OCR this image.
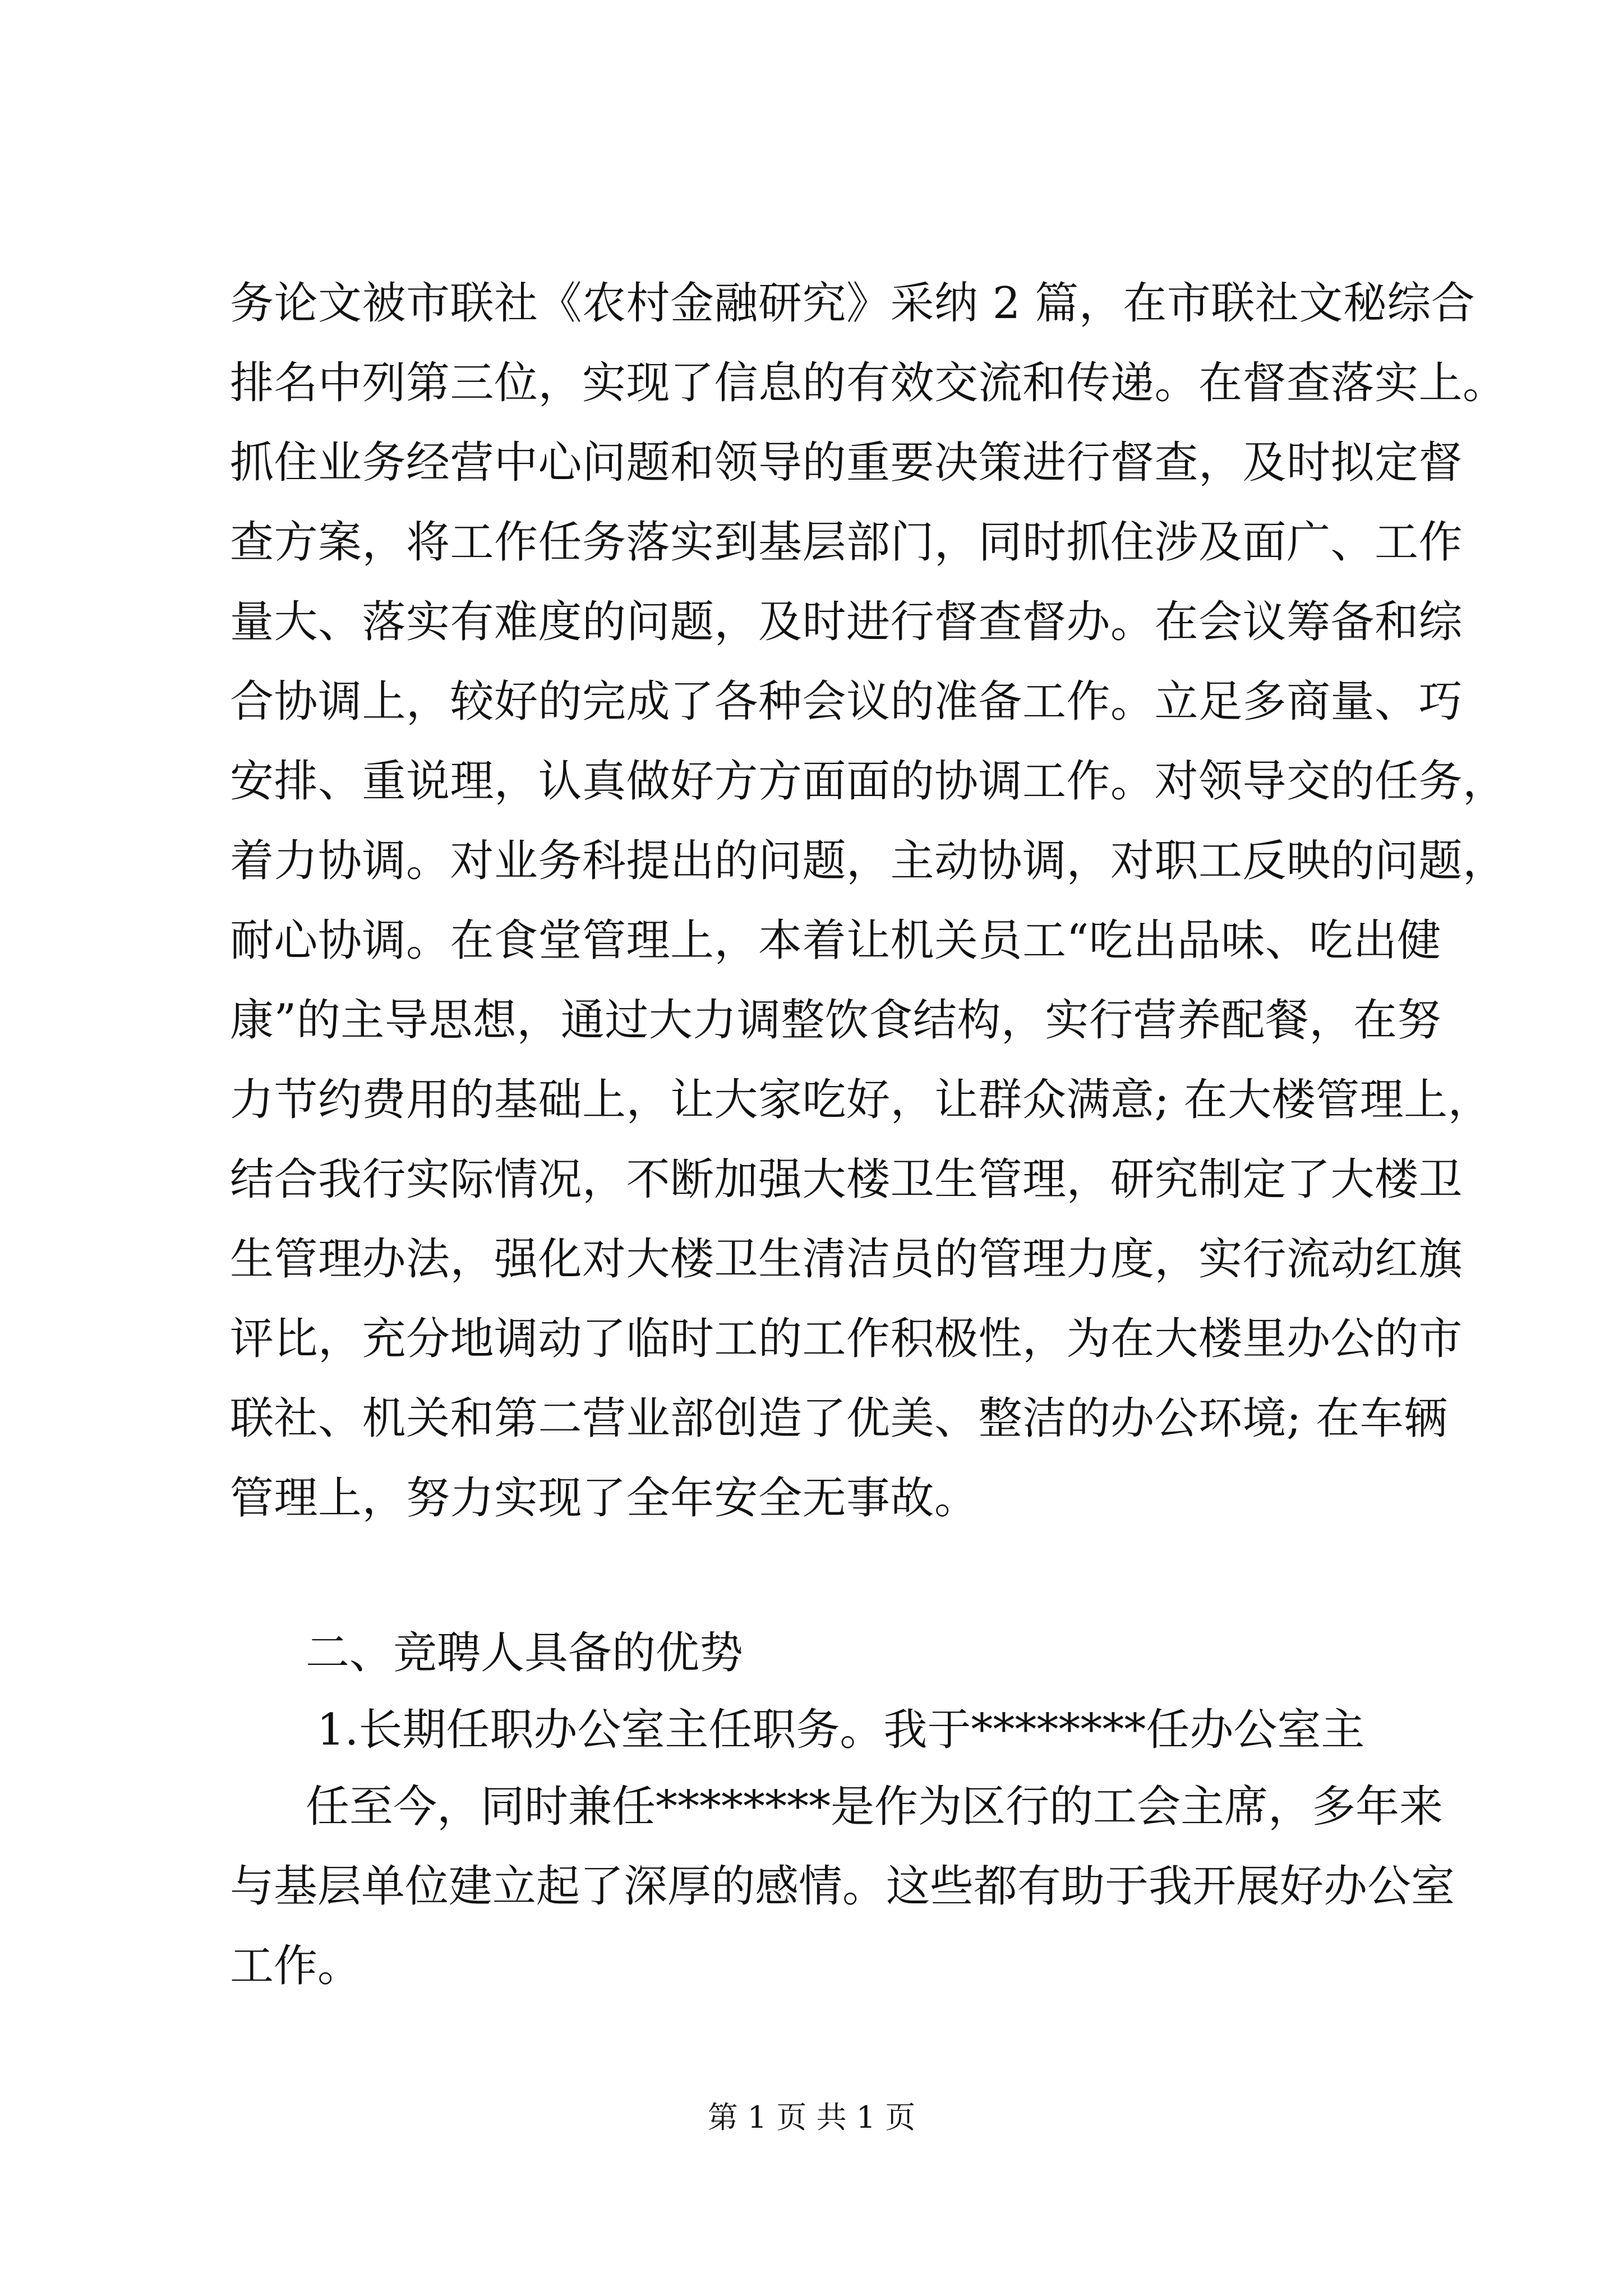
务论文被市联社《农村金融研究》采纳 2 篇，在市联社文秘综合
排名中列第三位，实现了信息的有效交流和传递。在督查落实上。
抓住业务经营中心问题和领导的重要决策进行督查，及时拟定督
查方案，将工作任务落实到基层部门，同时抓住涉及面广、工作
量大、落实有难度的问题，及时进行督查督办。在会议筹备和综
合协调上，较好的完成了各种会议的准备工作。立足多商量、巧
安排、重说理，认真做好方方面面的协调工作。对领导交的任务，
着力协调。对业务科提出的问题，主动协调，对职工反映的问题，
耐心协调。在食堂管理上，本着让机关员工“吃出品味、吃出健
康”的主导思想，通过大力调整饮食结构，实行营养配餐，在努
力节约费用的基础上，让大家吃好，让群众满意; 在大楼管理上，
结合我行实际情况，不断加强大楼卫生管理，研究制定了大楼卫
生管理办法，强化对大楼卫生清洁员的管理力度，实行流动红旗
评比，充分地调动了临时工的工作积极性，为在大楼里办公的市
联社、机关和第二营业部创造了优美、整洁的办公环境; 在车辆
管理上，努力实现了全年安全无事故。
二、竞聘人具备的优势
1.长期任职办公室主任职务。我于********任办公室主
任至今，同时兼任********是作为区行的工会主席，多年来
与基层单位建立起了深厚的感情。这些都有助于我开展好办公室
工作。
第 1 页 共 1 页
